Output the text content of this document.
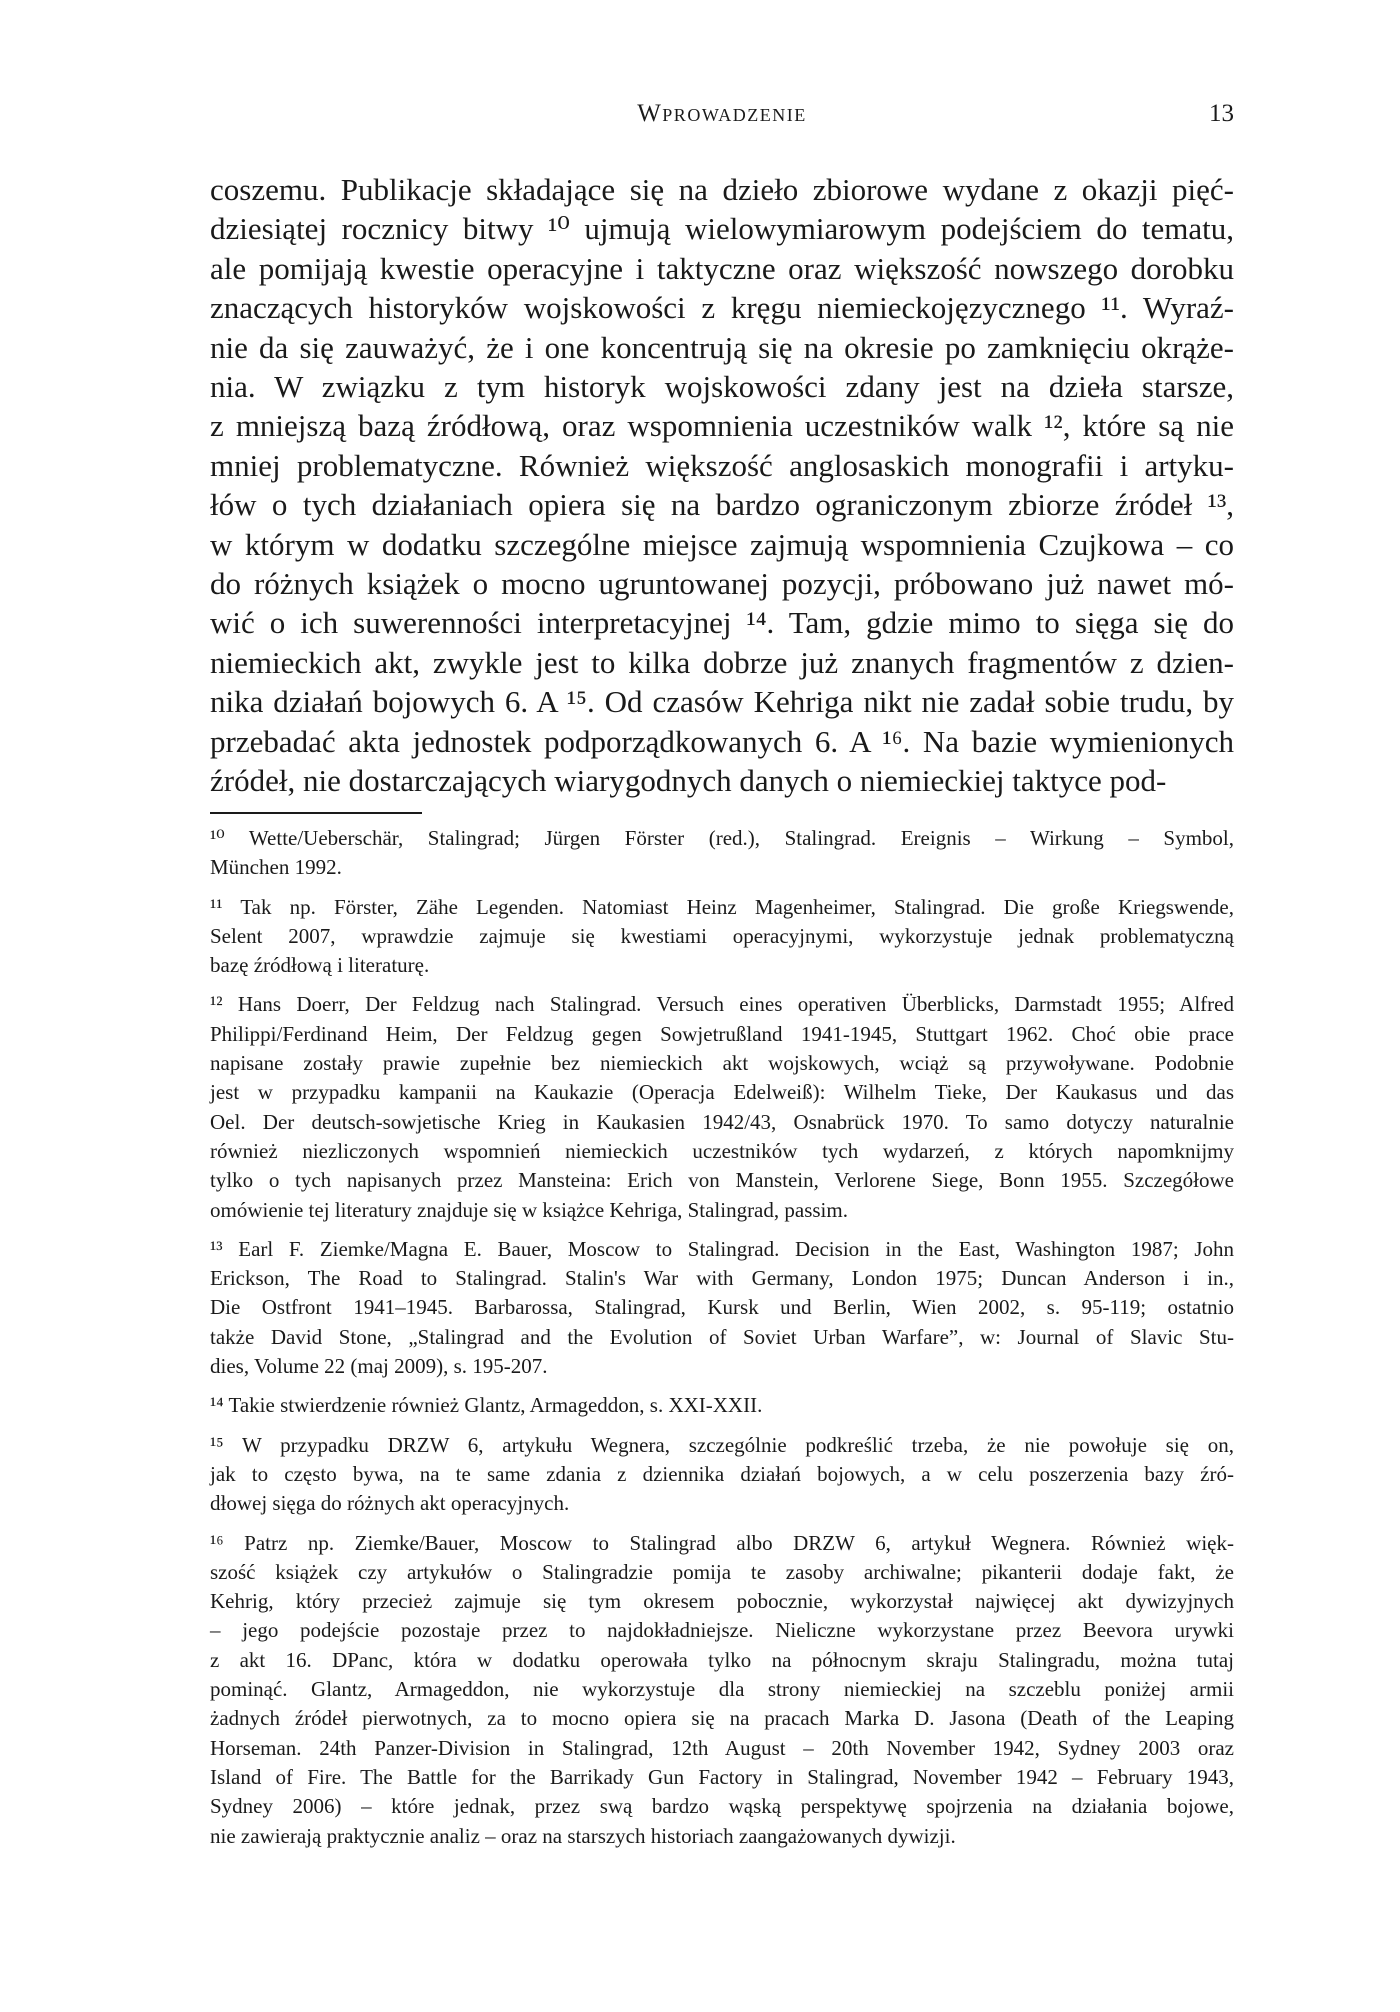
Wprowadzenie	13
coszemu. Publikacje składające się na dzieło zbiorowe wydane z okazji pięć-
dziesiątej rocznicy bitwy ¹⁰ ujmują wielowymiarowym podejściem do tematu,
ale pomijają kwestie operacyjne i taktyczne oraz większość nowszego dorobku
znaczących historyków wojskowości z kręgu niemieckojęzycznego ¹¹. Wyraź-
nie da się zauważyć, że i one koncentrują się na okresie po zamknięciu okrąże-
nia. W związku z tym historyk wojskowości zdany jest na dzieła starsze,
z mniejszą bazą źródłową, oraz wspomnienia uczestników walk ¹², które są nie
mniej problematyczne. Również większość anglosaskich monografii i artyku-
łów o tych działaniach opiera się na bardzo ograniczonym zbiorze źródeł ¹³,
w którym w dodatku szczególne miejsce zajmują wspomnienia Czujkowa – co
do różnych książek o mocno ugruntowanej pozycji, próbowano już nawet mó-
wić o ich suwerenności interpretacyjnej ¹⁴. Tam, gdzie mimo to sięga się do
niemieckich akt, zwykle jest to kilka dobrze już znanych fragmentów z dzien-
nika działań bojowych 6. A ¹⁵. Od czasów Kehriga nikt nie zadał sobie trudu, by
przebadać akta jednostek podporządkowanych 6. A ¹⁶. Na bazie wymienionych
źródeł, nie dostarczających wiarygodnych danych o niemieckiej taktyce pod-
¹⁰ Wette/Ueberschär, Stalingrad; Jürgen Förster (red.), Stalingrad. Ereignis – Wirkung – Symbol,
München 1992.
¹¹ Tak np. Förster, Zähe Legenden. Natomiast Heinz Magenheimer, Stalingrad. Die große Kriegswende,
Selent 2007, wprawdzie zajmuje się kwestiami operacyjnymi, wykorzystuje jednak problematyczną
bazę źródłową i literaturę.
¹² Hans Doerr, Der Feldzug nach Stalingrad. Versuch eines operativen Überblicks, Darmstadt 1955; Alfred
Philippi/Ferdinand Heim, Der Feldzug gegen Sowjetrußland 1941-1945, Stuttgart 1962. Choć obie prace
napisane zostały prawie zupełnie bez niemieckich akt wojskowych, wciąż są przywoływane. Podobnie
jest w przypadku kampanii na Kaukazie (Operacja Edelweiß): Wilhelm Tieke, Der Kaukasus und das
Oel. Der deutsch-sowjetische Krieg in Kaukasien 1942/43, Osnabrück 1970. To samo dotyczy naturalnie
również niezliczonych wspomnień niemieckich uczestników tych wydarzeń, z których napomknijmy
tylko o tych napisanych przez Mansteina: Erich von Manstein, Verlorene Siege, Bonn 1955. Szczegółowe
omówienie tej literatury znajduje się w książce Kehriga, Stalingrad, passim.
¹³ Earl F. Ziemke/Magna E. Bauer, Moscow to Stalingrad. Decision in the East, Washington 1987; John
Erickson, The Road to Stalingrad. Stalin's War with Germany, London 1975; Duncan Anderson i in.,
Die Ostfront 1941–1945. Barbarossa, Stalingrad, Kursk und Berlin, Wien 2002, s. 95-119; ostatnio
także David Stone, „Stalingrad and the Evolution of Soviet Urban Warfare”, w: Journal of Slavic Stu-
dies, Volume 22 (maj 2009), s. 195-207.
¹⁴ Takie stwierdzenie również Glantz, Armageddon, s. XXI-XXII.
¹⁵ W przypadku DRZW 6, artykułu Wegnera, szczególnie podkreślić trzeba, że nie powołuje się on,
jak to często bywa, na te same zdania z dziennika działań bojowych, a w celu poszerzenia bazy źró-
dłowej sięga do różnych akt operacyjnych.
¹⁶ Patrz np. Ziemke/Bauer, Moscow to Stalingrad albo DRZW 6, artykuł Wegnera. Również więk-
szość książek czy artykułów o Stalingradzie pomija te zasoby archiwalne; pikanterii dodaje fakt, że
Kehrig, który przecież zajmuje się tym okresem pobocznie, wykorzystał najwięcej akt dywizyjnych
– jego podejście pozostaje przez to najdokładniejsze. Nieliczne wykorzystane przez Beevora urywki
z akt 16. DPanc, która w dodatku operowała tylko na północnym skraju Stalingradu, można tutaj
pominąć. Glantz, Armageddon, nie wykorzystuje dla strony niemieckiej na szczeblu poniżej armii
żadnych źródeł pierwotnych, za to mocno opiera się na pracach Marka D. Jasona (Death of the Leaping
Horseman. 24th Panzer-Division in Stalingrad, 12th August – 20th November 1942, Sydney 2003 oraz
Island of Fire. The Battle for the Barrikady Gun Factory in Stalingrad, November 1942 – February 1943,
Sydney 2006) – które jednak, przez swą bardzo wąską perspektywę spojrzenia na działania bojowe,
nie zawierają praktycznie analiz – oraz na starszych historiach zaangażowanych dywizji.
